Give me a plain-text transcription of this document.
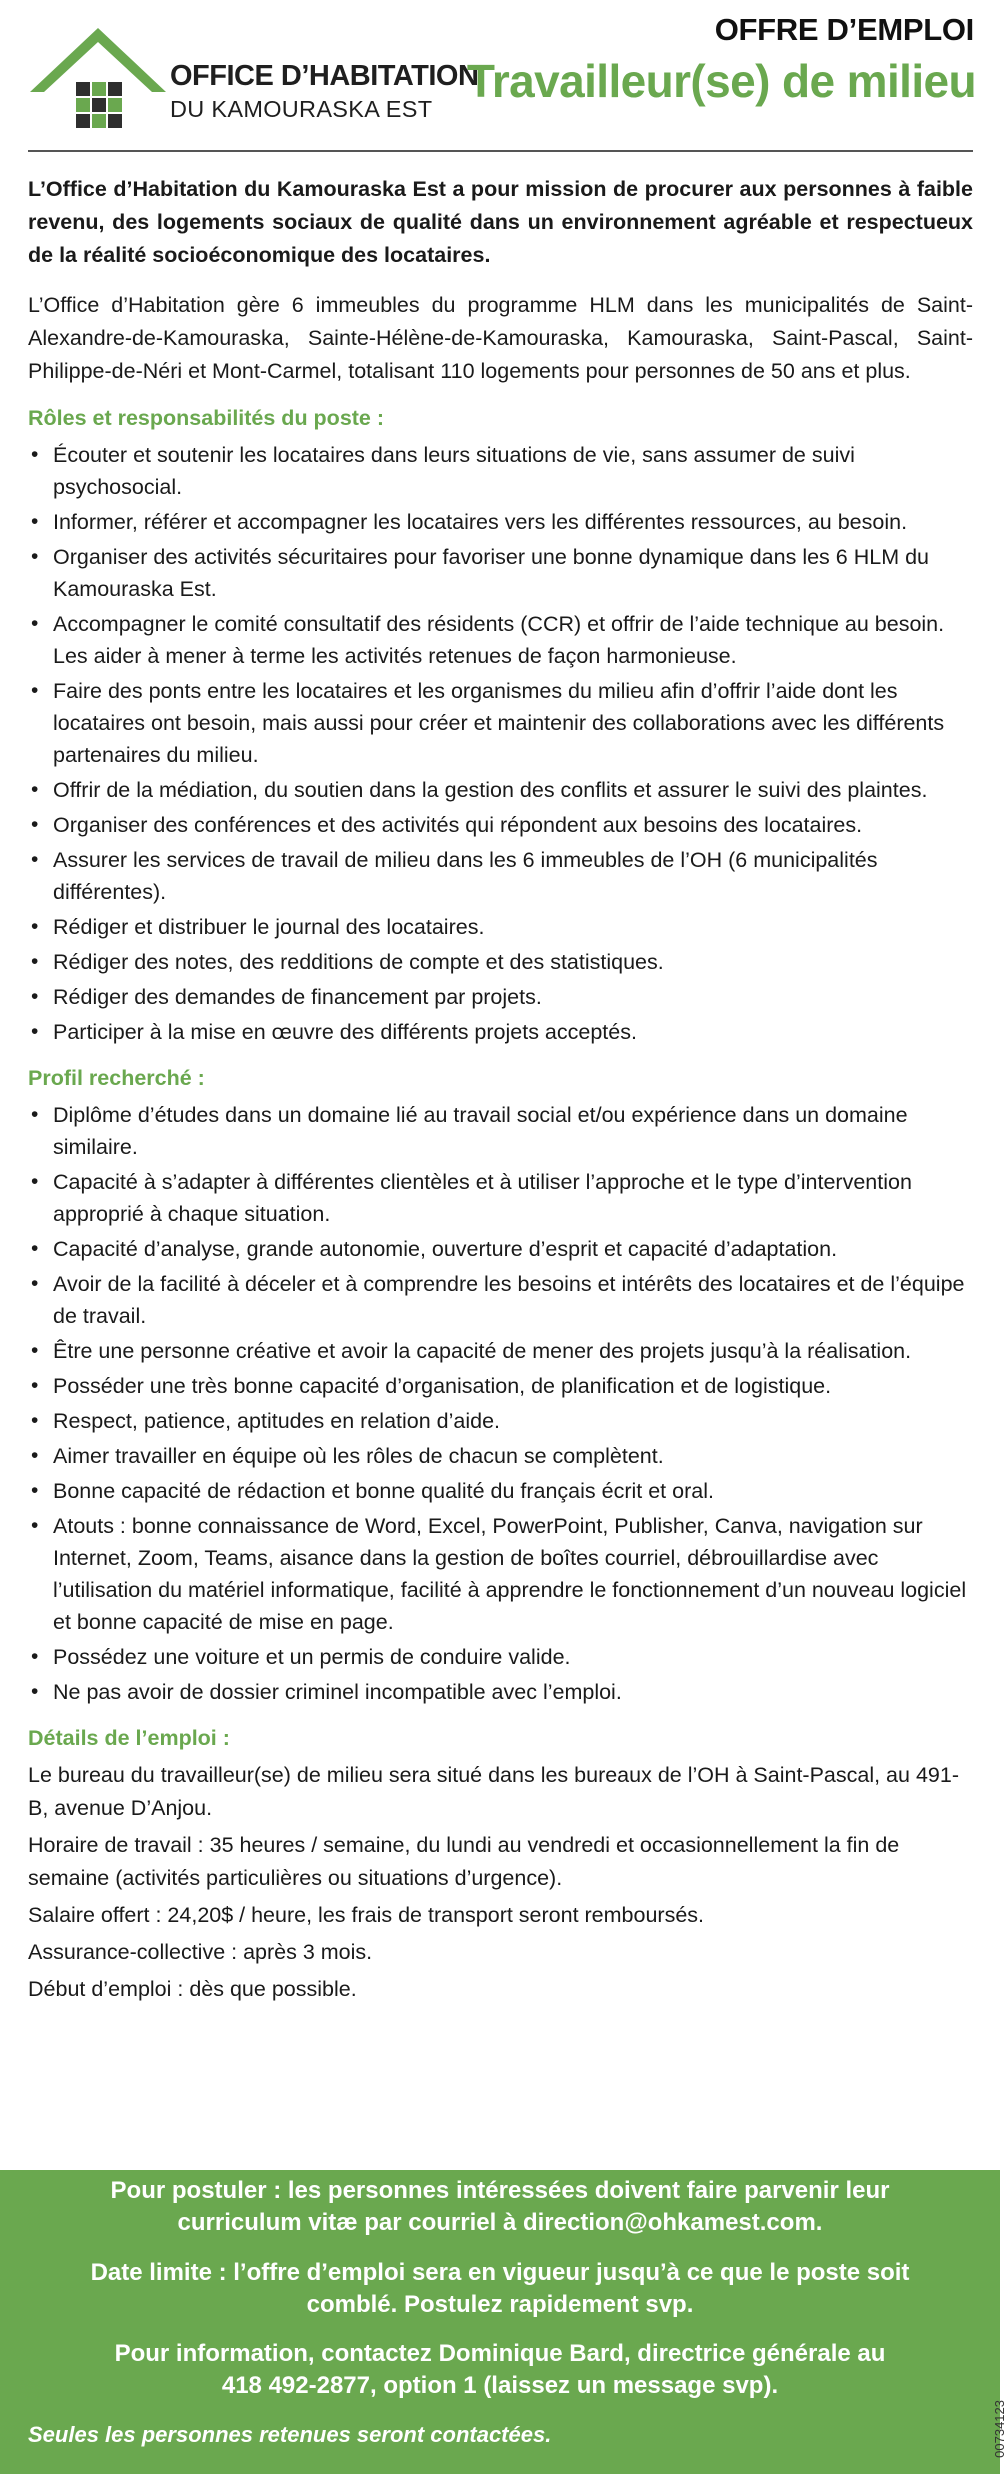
OFFICE D’HABITATION
DU KAMOURASKA EST
OFFRE D’EMPLOI
Travailleur(se) de milieu

L’Office d’Habitation du Kamouraska Est a pour mission de procurer aux personnes à faible revenu, des logements sociaux de qualité dans un environnement agréable et respectueux de la réalité socioéconomique des locataires.

L’Office d’Habitation gère 6 immeubles du programme HLM dans les municipalités de Saint-Alexandre-de-Kamouraska, Sainte-Hélène-de-Kamouraska, Kamouraska, Saint-Pascal, Saint-Philippe-de-Néri et Mont-Carmel, totalisant 110 logements pour personnes de 50 ans et plus.

Rôles et responsabilités du poste :
• Écouter et soutenir les locataires dans leurs situations de vie, sans assumer de suivi psychosocial.
• Informer, référer et accompagner les locataires vers les différentes ressources, au besoin.
• Organiser des activités sécuritaires pour favoriser une bonne dynamique dans les 6 HLM du Kamouraska Est.
• Accompagner le comité consultatif des résidents (CCR) et offrir de l’aide technique au besoin. Les aider à mener à terme les activités retenues de façon harmonieuse.
• Faire des ponts entre les locataires et les organismes du milieu afin d’offrir l’aide dont les locataires ont besoin, mais aussi pour créer et maintenir des collaborations avec les différents partenaires du milieu.
• Offrir de la médiation, du soutien dans la gestion des conflits et assurer le suivi des plaintes.
• Organiser des conférences et des activités qui répondent aux besoins des locataires.
• Assurer les services de travail de milieu dans les 6 immeubles de l’OH (6 municipalités différentes).
• Rédiger et distribuer le journal des locataires.
• Rédiger des notes, des redditions de compte et des statistiques.
• Rédiger des demandes de financement par projets.
• Participer à la mise en œuvre des différents projets acceptés.
Profil recherché :
• Diplôme d’études dans un domaine lié au travail social et/ou expérience dans un domaine similaire.
• Capacité à s’adapter à différentes clientèles et à utiliser l’approche et le type d’intervention approprié à chaque situation.
• Capacité d’analyse, grande autonomie, ouverture d’esprit et capacité d’adaptation.
• Avoir de la facilité à déceler et à comprendre les besoins et intérêts des locataires et de l’équipe de travail.
• Être une personne créative et avoir la capacité de mener des projets jusqu’à la réalisation.
• Posséder une très bonne capacité d’organisation, de planification et de logistique.
• Respect, patience, aptitudes en relation d’aide.
• Aimer travailler en équipe où les rôles de chacun se complètent.
• Bonne capacité de rédaction et bonne qualité du français écrit et oral.
• Atouts : bonne connaissance de Word, Excel, PowerPoint, Publisher, Canva, navigation sur Internet, Zoom, Teams, aisance dans la gestion de boîtes courriel, débrouillardise avec l’utilisation du matériel informatique, facilité à apprendre le fonctionnement d’un nouveau logiciel et bonne capacité de mise en page.
• Possédez une voiture et un permis de conduire valide.
• Ne pas avoir de dossier criminel incompatible avec l’emploi.
Détails de l’emploi :

Le bureau du travailleur(se) de milieu sera situé dans les bureaux de l’OH à Saint-Pascal, au 491-B, avenue D’Anjou.

Horaire de travail : 35 heures / semaine, du lundi au vendredi et occasionnellement la fin de semaine (activités particulières ou situations d’urgence).

Salaire offert : 24,20$ / heure, les frais de transport seront remboursés.

Assurance-collective : après 3 mois.

Début d’emploi : dès que possible.

Pour postuler : les personnes intéressées doivent faire parvenir leur
curriculum vitæ par courriel à direction@ohkamest.com.
Date limite : l’offre d’emploi sera en vigueur jusqu’à ce que le poste soit
comblé. Postulez rapidement svp.
Pour information, contactez Dominique Bard, directrice générale au
418 492-2877, option 1 (laissez un message svp).
Seules les personnes retenues seront contactées.	00734123
